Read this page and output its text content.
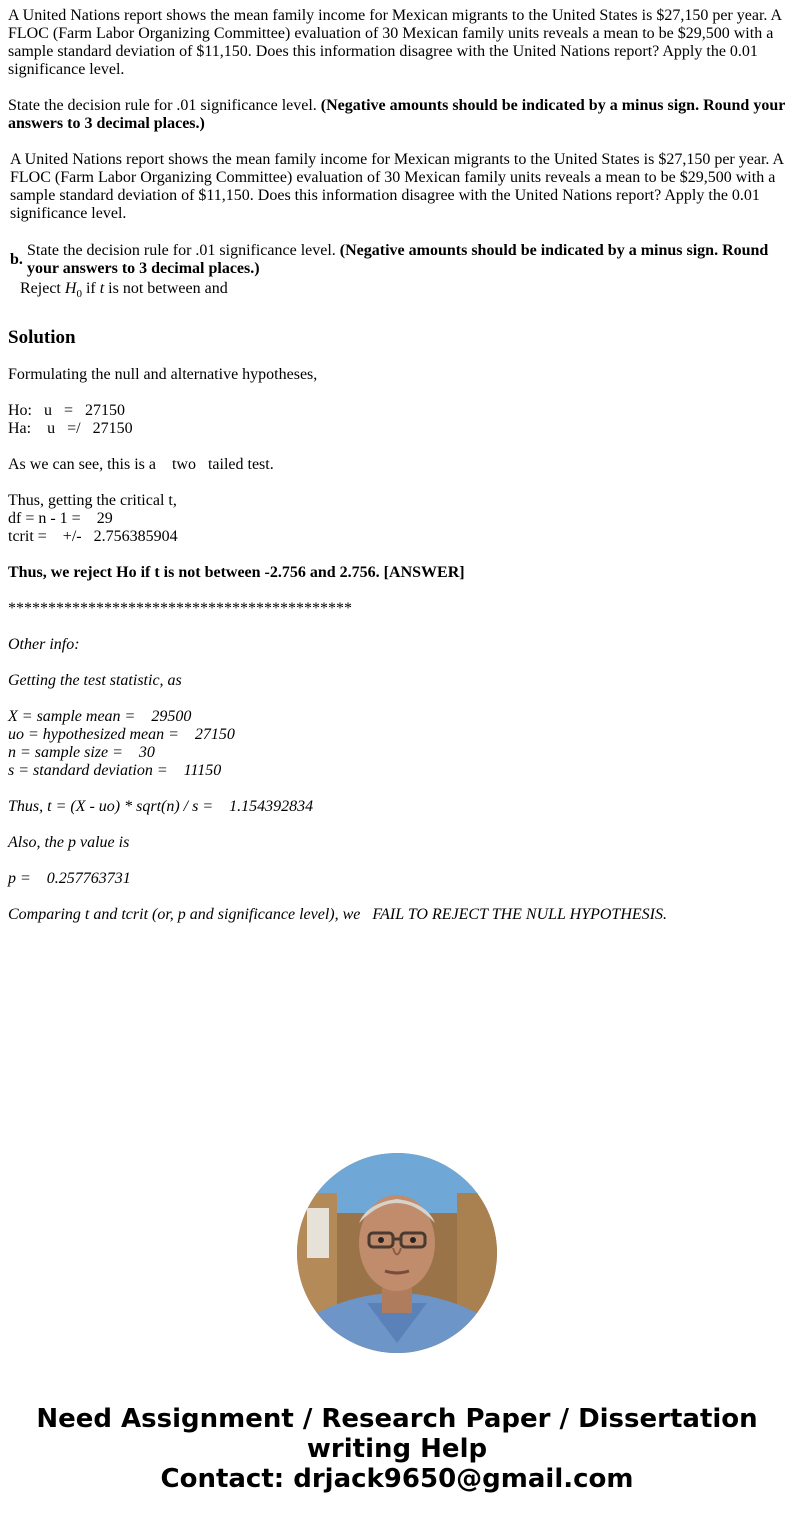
A United Nations report shows the mean family income for Mexican migrants to the United States is $27,150 per year. A FLOC (Farm Labor Organizing Committee) evaluation of 30 Mexican family units reveals a mean to be $29,500 with a sample standard deviation of $11,150. Does this information disagree with the United Nations report? Apply the 0.01 significance level.

State the decision rule for .01 significance level. (Negative amounts should be indicated by a minus sign. Round your answers to 3 decimal places.)

A United Nations report shows the mean family income for Mexican migrants to the United States is $27,150 per year. A FLOC (Farm Labor Organizing Committee) evaluation of 30 Mexican family units reveals a mean to be $29,500 with a sample standard deviation of $11,150. Does this information disagree with the United Nations report? Apply the 0.01 significance level.

b.
State the decision rule for .01 significance level. (Negative amounts should be indicated by a minus sign. Round your answers to 3 decimal places.)
Reject $H_0$ if t is not between and
Solution
Formulating the null and alternative hypotheses,
Ho:   u   =   27150
Ha:    u   =/   27150
As we can see, this is a    two   tailed test.
Thus, getting the critical t,
df = n - 1 =    29
tcrit =    +/-   2.756385904
Thus, we reject Ho if t is not between -2.756 and 2.756. [ANSWER]
*******************************************
Other info:
Getting the test statistic, as
X = sample mean =    29500
uo = hypothesized mean =    27150
n = sample size =    30
s = standard deviation =    11150
Thus, t = (X - uo) * sqrt(n) / s =    1.154392834
Also, the p value is
p =    0.257763731
Comparing t and tcrit (or, p and significance level), we   FAIL TO REJECT THE NULL HYPOTHESIS.
Need Assignment / Research Paper / Dissertation
writing Help
Contact: drjack9650@gmail.com
